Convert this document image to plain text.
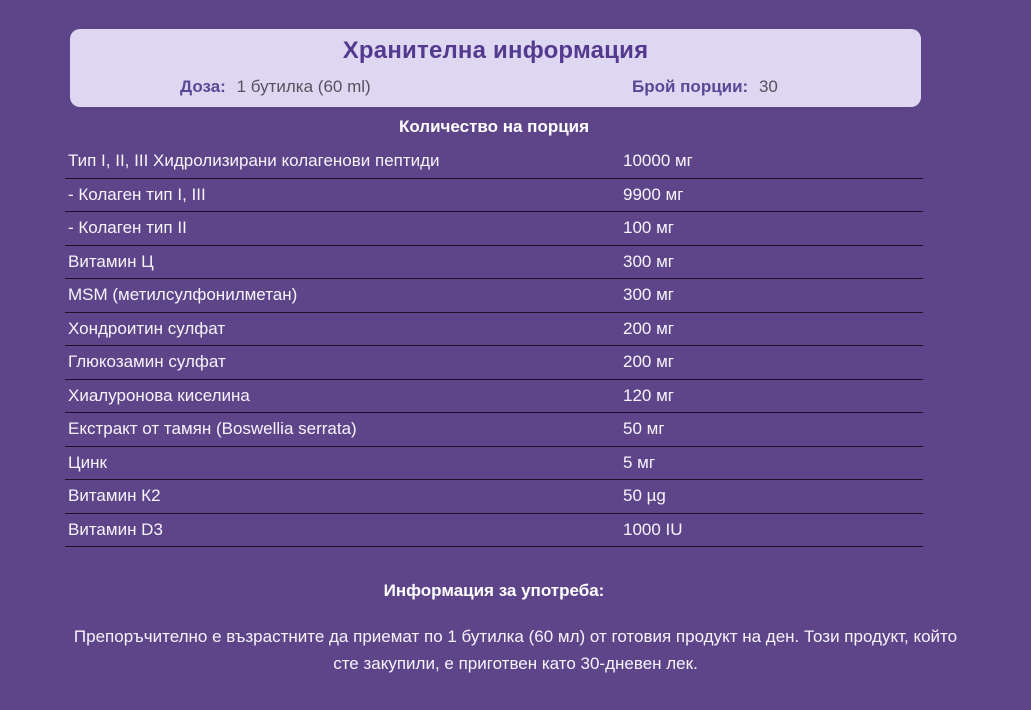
Хранителна информация
Доза: 1 бутилка (60 ml)	Брой порции: 30
Количество на порция
Тип I, II, III Хидролизирани колагенови пептиди	10000 мг
- Колаген тип I, III	9900 мг
- Колаген тип II	100 мг
Витамин Ц	300 мг
MSM (метилсулфонилметан)	300 мг
Хондроитин сулфат	200 мг
Глюкозамин сулфат	200 мг
Хиалуронова киселина	120 мг
Екстракт от тамян (Boswellia serrata)	50 мг
Цинк	5 мг
Витамин К2	50 µg
Витамин D3	1000 IU
Информация за употреба:
Препоръчително е възрастните да приемат по 1 бутилка (60 мл) от готовия продукт на ден. Този продукт, който сте закупили, е приготвен като 30-дневен лек.
